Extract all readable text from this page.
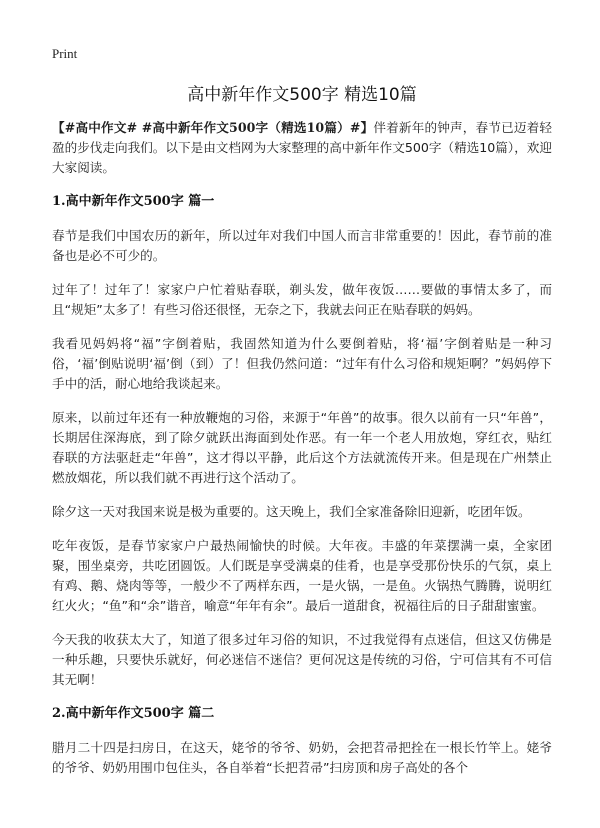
Print
高中新年作文500字 精选10篇

【#高中作文# #高中新年作文500字（精选10篇）#】伴着新年的钟声，春节已迈着轻盈的步伐走向我们。以下是由文档网为大家整理的高中新年作文500字（精选10篇），欢迎大家阅读。

1.高中新年作文500字 篇一

春节是我们中国农历的新年，所以过年对我们中国人而言非常重要的！因此，春节前的准备也是必不可少的。

过年了！过年了！家家户户忙着贴春联，剃头发，做年夜饭……要做的事情太多了，而且“规矩”太多了！有些习俗还很怪，无奈之下，我就去问正在贴春联的妈妈。

我看见妈妈将“福”字倒着贴，我固然知道为什么要倒着贴，将‘福’字倒着贴是一种习俗，‘福’倒贴说明‘福’倒（到）了！但我仍然问道：“过年有什么习俗和规矩啊？”妈妈停下手中的活，耐心地给我谈起来。

原来，以前过年还有一种放鞭炮的习俗，来源于“年兽”的故事。很久以前有一只“年兽”，长期居住深海底，到了除夕就跃出海面到处作恶。有一年一个老人用放炮，穿红衣，贴红春联的方法驱赶走“年兽”，这才得以平静，此后这个方法就流传开来。但是现在广州禁止燃放烟花，所以我们就不再进行这个活动了。

除夕这一天对我国来说是极为重要的。这天晚上，我们全家准备除旧迎新，吃团年饭。

吃年夜饭，是春节家家户户最热闹愉快的时候。大年夜。丰盛的年菜摆满一桌，全家团聚，围坐桌旁，共吃团圆饭。人们既是享受满桌的佳肴，也是享受那份快乐的气氛，桌上有鸡、鹅、烧肉等等，一般少不了两样东西，一是火锅，一是鱼。火锅热气腾腾，说明红红火火；“鱼”和“余”谐音，喻意“年年有余”。最后一道甜食，祝福往后的日子甜甜蜜蜜。

今天我的收获太大了，知道了很多过年习俗的知识，不过我觉得有点迷信，但这又仿佛是一种乐趣，只要快乐就好，何必迷信不迷信？更何况这是传统的习俗，宁可信其有不可信其无啊！

2.高中新年作文500字 篇二

腊月二十四是扫房日，在这天，姥爷的爷爷、奶奶，会把苕帚把拴在一根长竹竿上。姥爷的爷爷、奶奶用围巾包住头，各自举着“长把苕帚”扫房顶和房子高处的各个
